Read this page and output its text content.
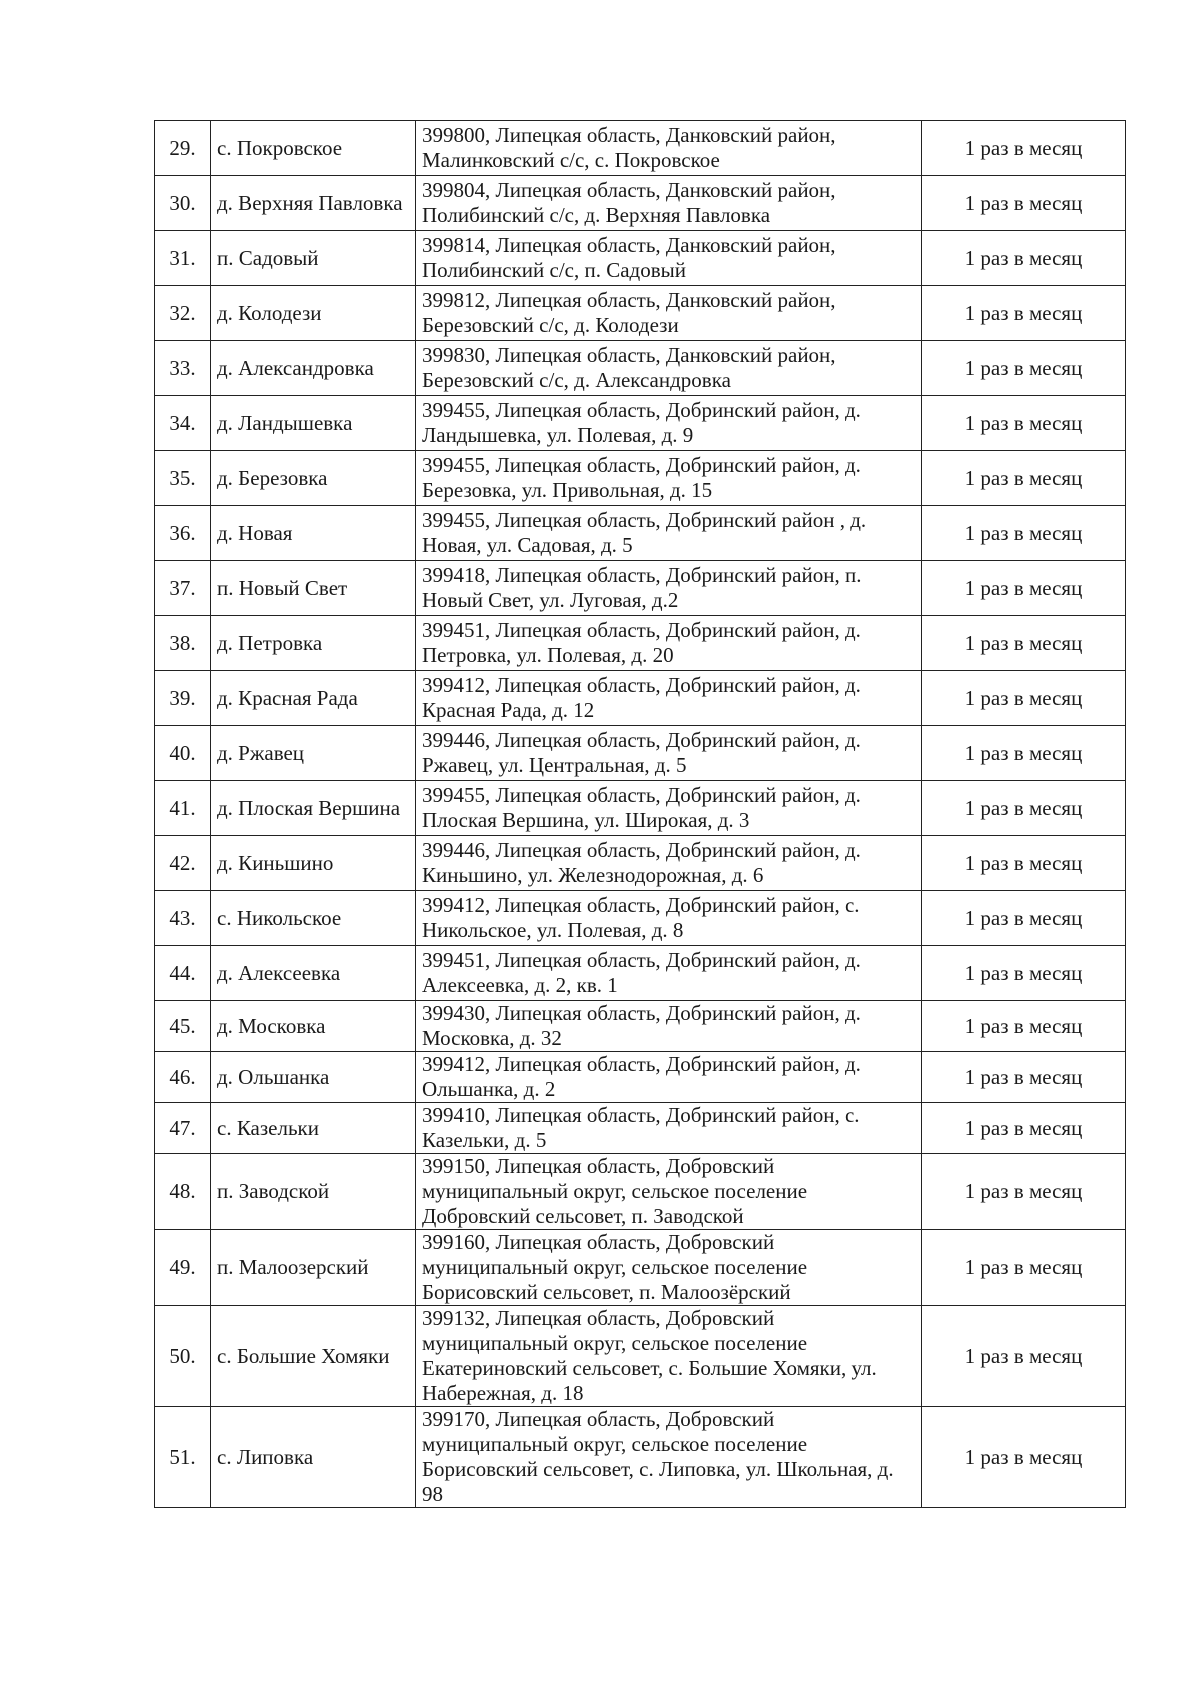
29.	с. Покровское	399800, Липецкая область, Данковский район, Малинковский с/с, с. Покровское	1 раз в месяц
30.	д. Верхняя Павловка	399804, Липецкая область, Данковский район, Полибинский с/с, д. Верхняя Павловка	1 раз в месяц
31.	п. Садовый	399814, Липецкая область, Данковский район, Полибинский с/с, п. Садовый	1 раз в месяц
32.	д. Колодези	399812, Липецкая область, Данковский район, Березовский с/с, д. Колодези	1 раз в месяц
33.	д. Александровка	399830, Липецкая область, Данковский район, Березовский с/с, д. Александровка	1 раз в месяц
34.	д. Ландышевка	399455, Липецкая область, Добринский район, д. Ландышевка, ул. Полевая, д. 9	1 раз в месяц
35.	д. Березовка	399455, Липецкая область, Добринский район, д. Березовка, ул. Привольная, д. 15	1 раз в месяц
36.	д. Новая	399455, Липецкая область, Добринский район , д. Новая, ул. Садовая, д. 5	1 раз в месяц
37.	п. Новый Свет	399418, Липецкая область, Добринский район, п. Новый Свет, ул. Луговая, д.2	1 раз в месяц
38.	д. Петровка	399451, Липецкая область, Добринский район, д. Петровка, ул. Полевая, д. 20	1 раз в месяц
39.	д. Красная Рада	399412, Липецкая область, Добринский район, д. Красная Рада, д. 12	1 раз в месяц
40.	д. Ржавец	399446, Липецкая область, Добринский район, д. Ржавец, ул. Центральная, д. 5	1 раз в месяц
41.	д. Плоская Вершина	399455, Липецкая область, Добринский район, д. Плоская Вершина, ул. Широкая, д. 3	1 раз в месяц
42.	д. Киньшино	399446, Липецкая область, Добринский район, д. Киньшино, ул. Железнодорожная, д. 6	1 раз в месяц
43.	с. Никольское	399412, Липецкая область, Добринский район, с. Никольское, ул. Полевая, д. 8	1 раз в месяц
44.	д. Алексеевка	399451, Липецкая область, Добринский район, д. Алексеевка, д. 2, кв. 1	1 раз в месяц
45.	д. Московка	399430, Липецкая область, Добринский район, д. Московка, д. 32	1 раз в месяц
46.	д. Ольшанка	399412, Липецкая область, Добринский район, д. Ольшанка, д. 2	1 раз в месяц
47.	с. Казельки	399410, Липецкая область, Добринский район, с. Казельки, д. 5	1 раз в месяц
48.	п. Заводской	399150, Липецкая область, Добровский муниципальный округ, сельское поселение Добровский сельсовет, п. Заводской	1 раз в месяц
49.	п. Малоозерский	399160, Липецкая область, Добровский муниципальный округ, сельское поселение Борисовский сельсовет, п. Малоозёрский	1 раз в месяц
50.	с. Большие Хомяки	399132, Липецкая область, Добровский муниципальный округ, сельское поселение Екатериновский сельсовет, с. Большие Хомяки, ул. Набережная, д. 18	1 раз в месяц
51.	с. Липовка	399170, Липецкая область, Добровский муниципальный округ, сельское поселение Борисовский сельсовет, с. Липовка, ул. Школьная, д. 98	1 раз в месяц
